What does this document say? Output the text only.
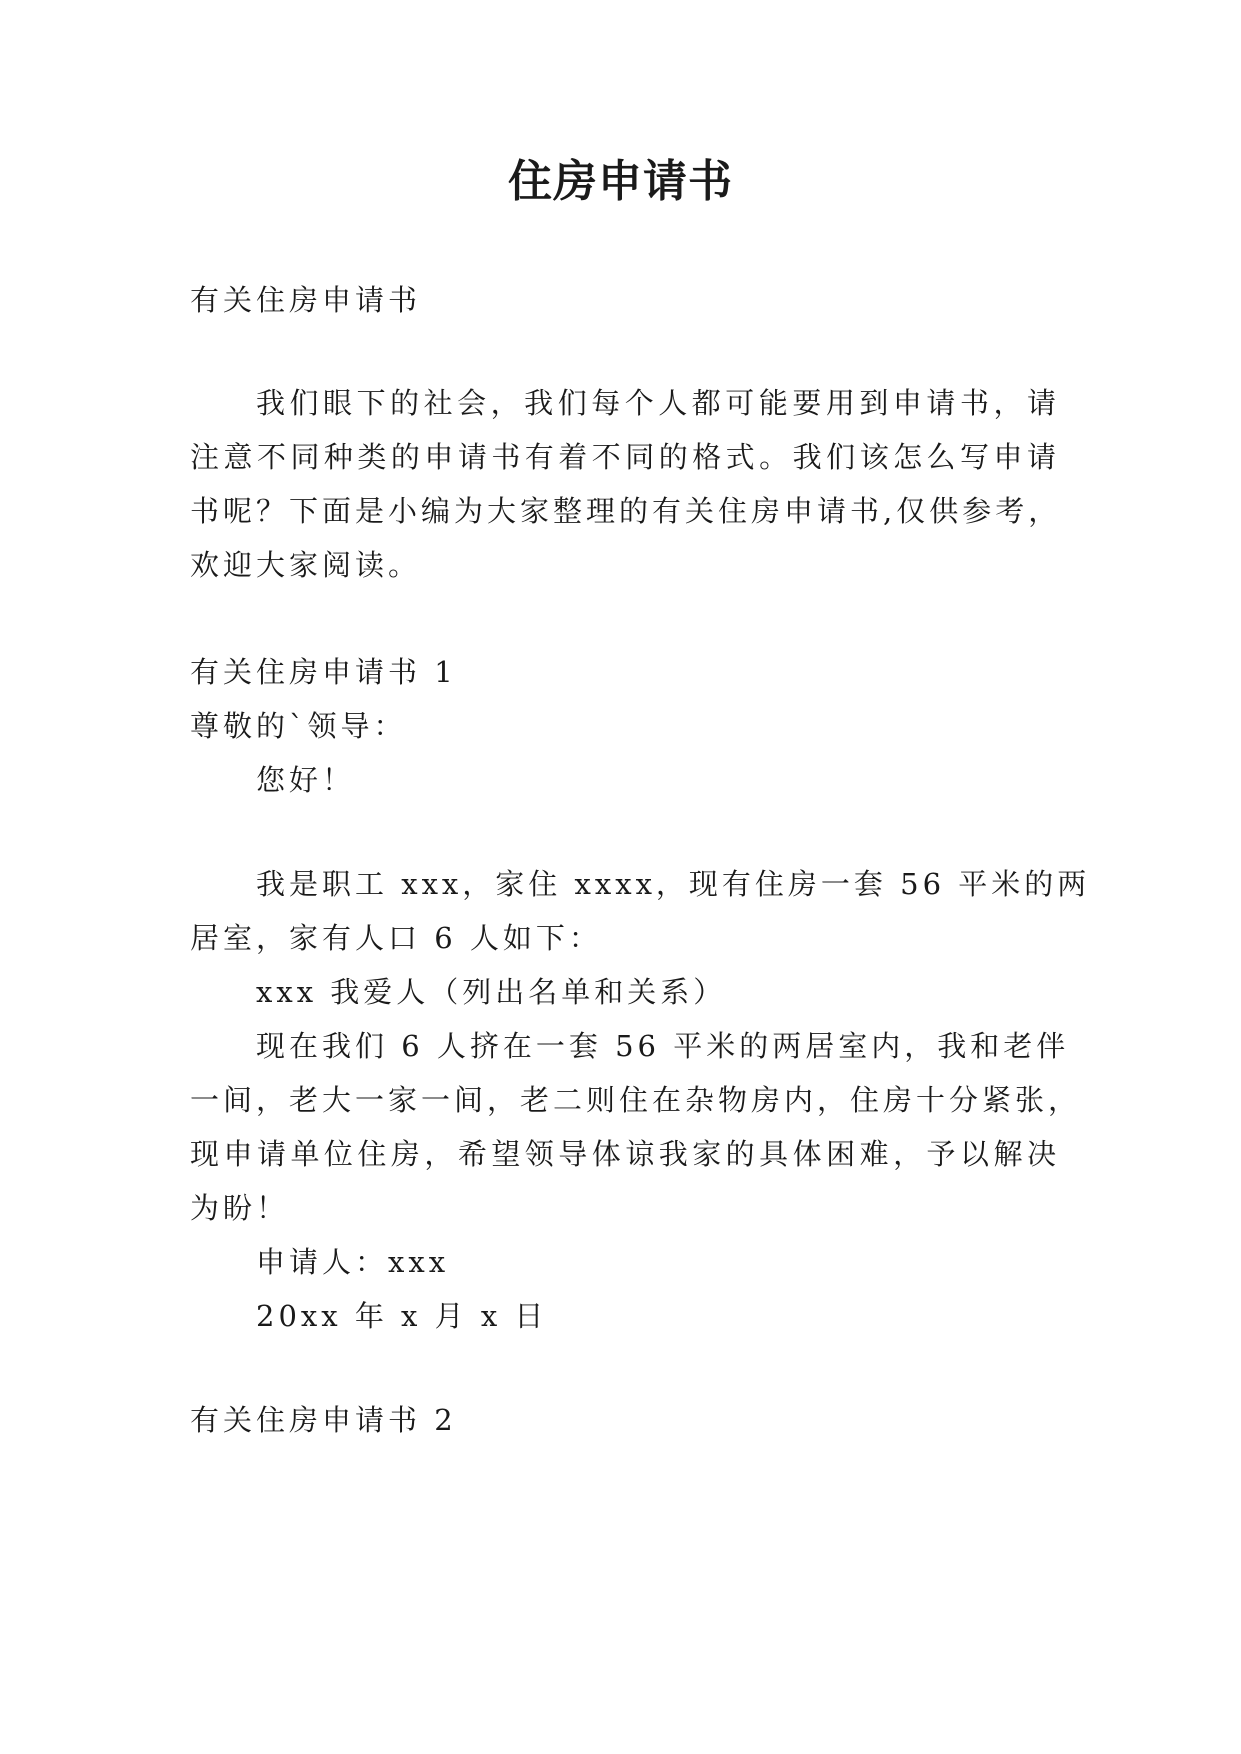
住房申请书
有关住房申请书
我们眼下的社会，我们每个人都可能要用到申请书，请
注意不同种类的申请书有着不同的格式。我们该怎么写申请
书呢？下面是小编为大家整理的有关住房申请书,仅供参考，
欢迎大家阅读。
有关住房申请书 1
尊敬的`领导：
您好！
我是职工 xxx，家住 xxxx，现有住房一套 56 平米的两
居室，家有人口 6 人如下：
xxx 我爱人（列出名单和关系）
现在我们 6 人挤在一套 56 平米的两居室内，我和老伴
一间，老大一家一间，老二则住在杂物房内，住房十分紧张，
现申请单位住房，希望领导体谅我家的具体困难，予以解决
为盼！
申请人：xxx
20xx 年 x 月 x 日
有关住房申请书 2
